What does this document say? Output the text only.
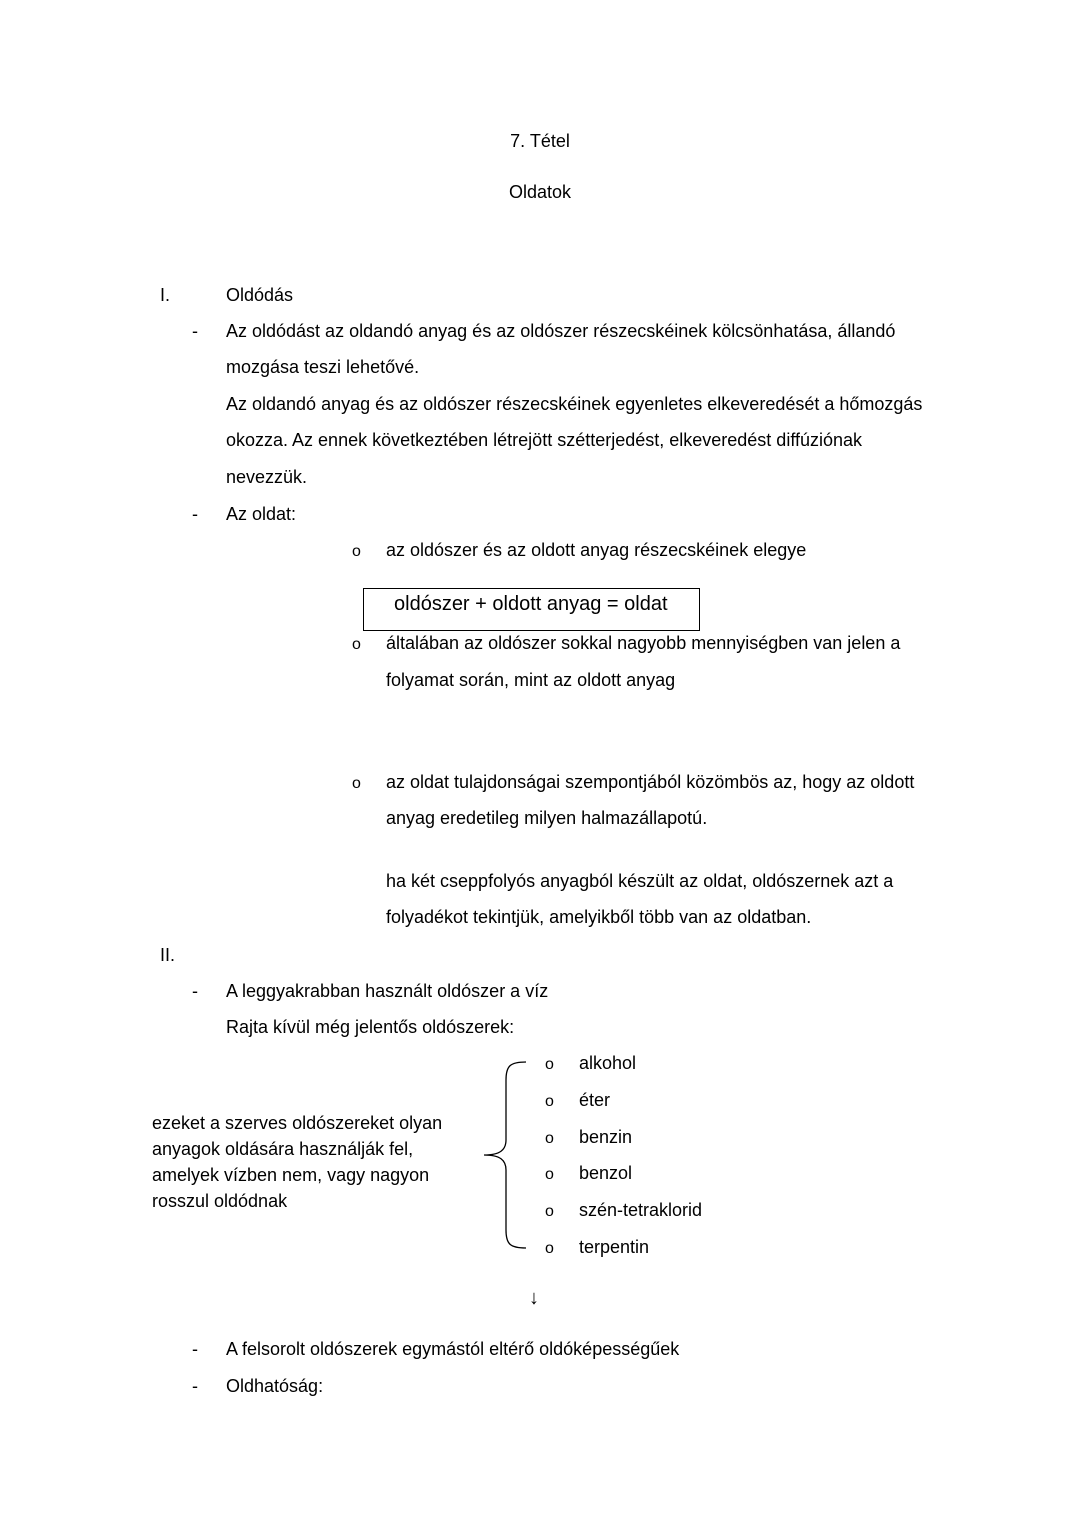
7. Tétel
Oldatok
I.	Oldódás
- Az oldódást az oldandó anyag és az oldószer részecskéinek kölcsönhatása, állandó
mozgása teszi lehetővé.
Az oldandó anyag és az oldószer részecskéinek egyenletes elkeveredését a hőmozgás
okozza. Az ennek következtében létrejött szétterjedést, elkeveredést diffúziónak
nevezzük.
- Az oldat:
o az oldószer és az oldott anyag részecskéinek elegye
oldószer + oldott anyag = oldat
o általában az oldószer sokkal nagyobb mennyiségben van jelen a
folyamat során, mint az oldott anyag
o az oldat tulajdonságai szempontjából közömbös az, hogy az oldott
anyag eredetileg milyen halmazállapotú.
ha két cseppfolyós anyagból készült az oldat, oldószernek azt a
folyadékot tekintjük, amelyikből több van az oldatban.
II.
- A leggyakrabban használt oldószer a víz
Rajta kívül még jelentős oldószerek:
o alkohol
o éter
o benzin
o benzol
o szén-tetraklorid
o terpentin
ezeket a szerves oldószereket olyan
anyagok oldására használják fel,
amelyek vízben nem, vagy nagyon
rosszul oldódnak
↓
- A felsorolt oldószerek egymástól eltérő oldóképességűek
- Oldhatóság:
